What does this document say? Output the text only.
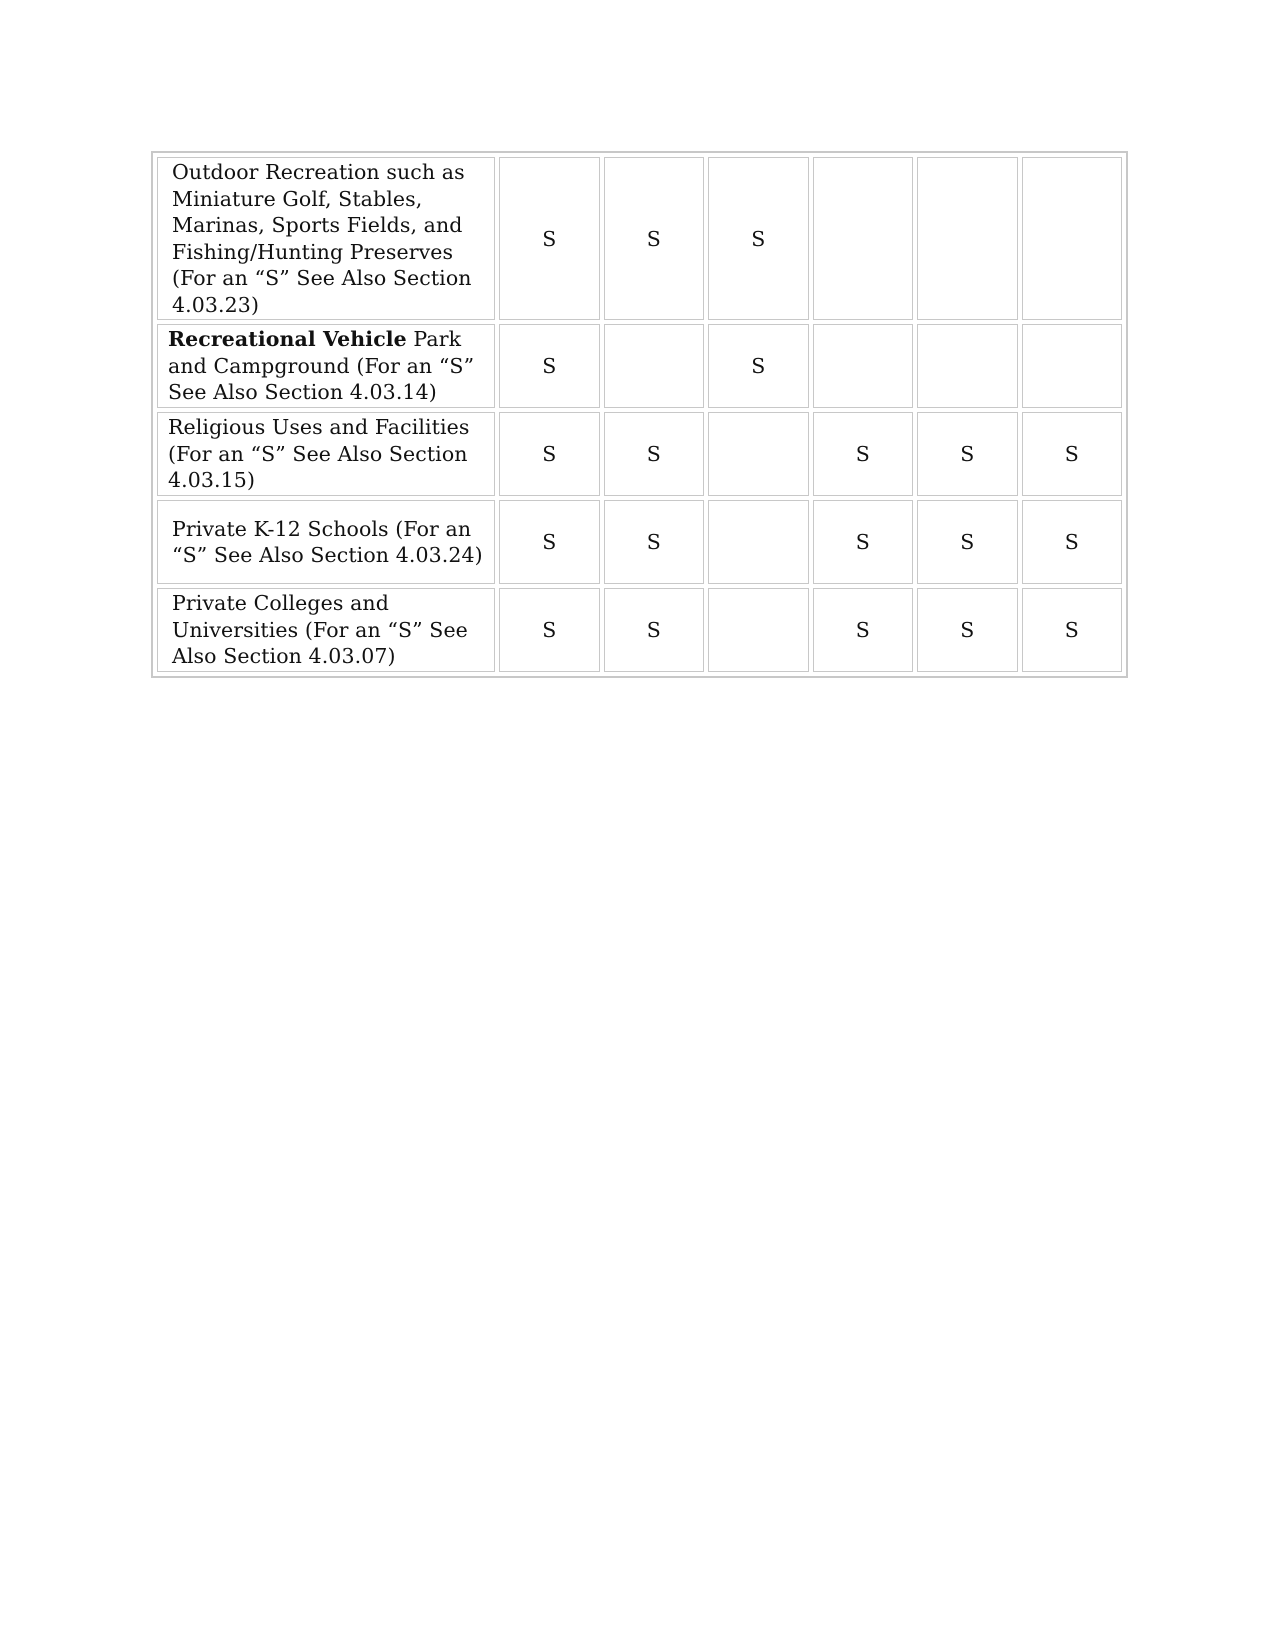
Outdoor Recreation such as Miniature Golf, Stables, Marinas, Sports Fields, and Fishing/Hunting Preserves (For an “S” See Also Section 4.03.23)	S	S	S			
Recreational Vehicle Park and Campground (For an “S” See Also Section 4.03.14)	S		S			
Religious Uses and Facilities (For an “S” See Also Section 4.03.15)	S	S		S	S	S
Private K-12 Schools (For an “S” See Also Section 4.03.24)	S	S		S	S	S
Private Colleges and Universities (For an “S” See Also Section 4.03.07)	S	S		S	S	S
